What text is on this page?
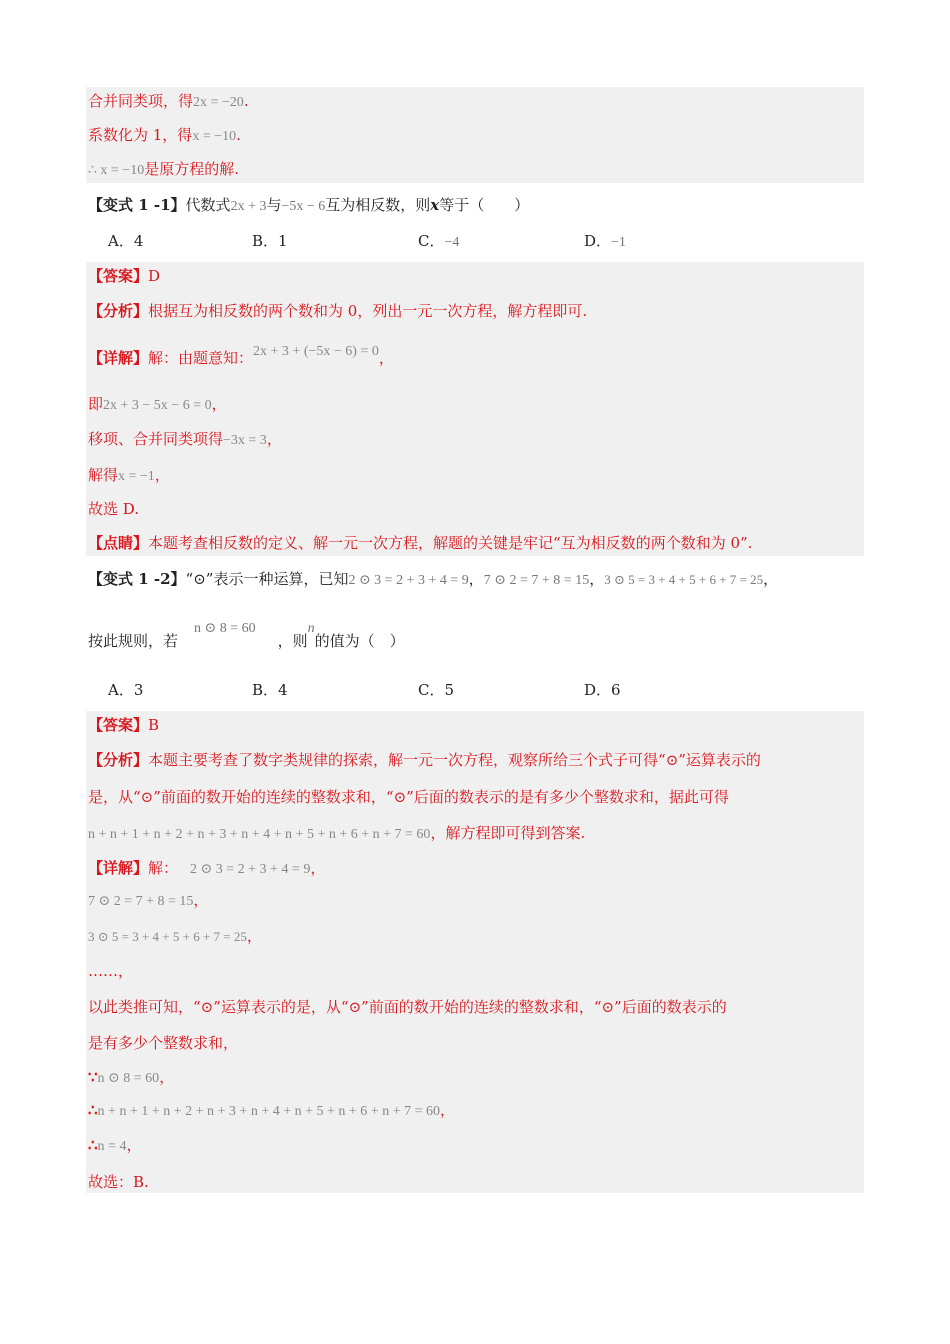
合并同类项，得2x = −20.
系数化为 1，得x = −10.
∴ x = −10是原方程的解.
【变式 1 -1】代数式2x + 3与−5x − 6互为相反数，则x等于（　　）
A．4	B．1	C．−4	D．−1
【答案】D
【分析】根据互为相反数的两个数和为 0，列出一元一次方程，解方程即可.
【详解】解：由题意知：2x + 3 + (−5x − 6) = 0，
即2x + 3 − 5x − 6 = 0，
移项、合并同类项得−3x = 3，
解得x = −1，
故选 D.
【点睛】本题考查相反数的定义、解一元一次方程，解题的关键是牢记“互为相反数的两个数和为 0”.
【变式 1 -2】“⊙”表示一种运算，已知2 ⊙ 3 = 2 + 3 + 4 = 9，7 ⊙ 2 = 7 + 8 = 15，3 ⊙ 5 = 3 + 4 + 5 + 6 + 7 = 25，
按此规则，若n ⊙ 8 = 60，则n的值为（　）
A．3	B．4	C．5	D．6
【答案】B
【分析】本题主要考查了数字类规律的探索，解一元一次方程，观察所给三个式子可得“⊙”运算表示的
是，从“⊙”前面的数开始的连续的整数求和，“⊙”后面的数表示的是有多少个整数求和，据此可得
n + n + 1 + n + 2 + n + 3 + n + 4 + n + 5 + n + 6 + n + 7 = 60，解方程即可得到答案.
【详解】解： 2 ⊙ 3 = 2 + 3 + 4 = 9，
7 ⊙ 2 = 7 + 8 = 15，
3 ⊙ 5 = 3 + 4 + 5 + 6 + 7 = 25，
……，
以此类推可知，“⊙”运算表示的是，从“⊙”前面的数开始的连续的整数求和，“⊙”后面的数表示的
是有多少个整数求和，
∵n ⊙ 8 = 60，
∴n + n + 1 + n + 2 + n + 3 + n + 4 + n + 5 + n + 6 + n + 7 = 60，
∴n = 4，
故选：B.
